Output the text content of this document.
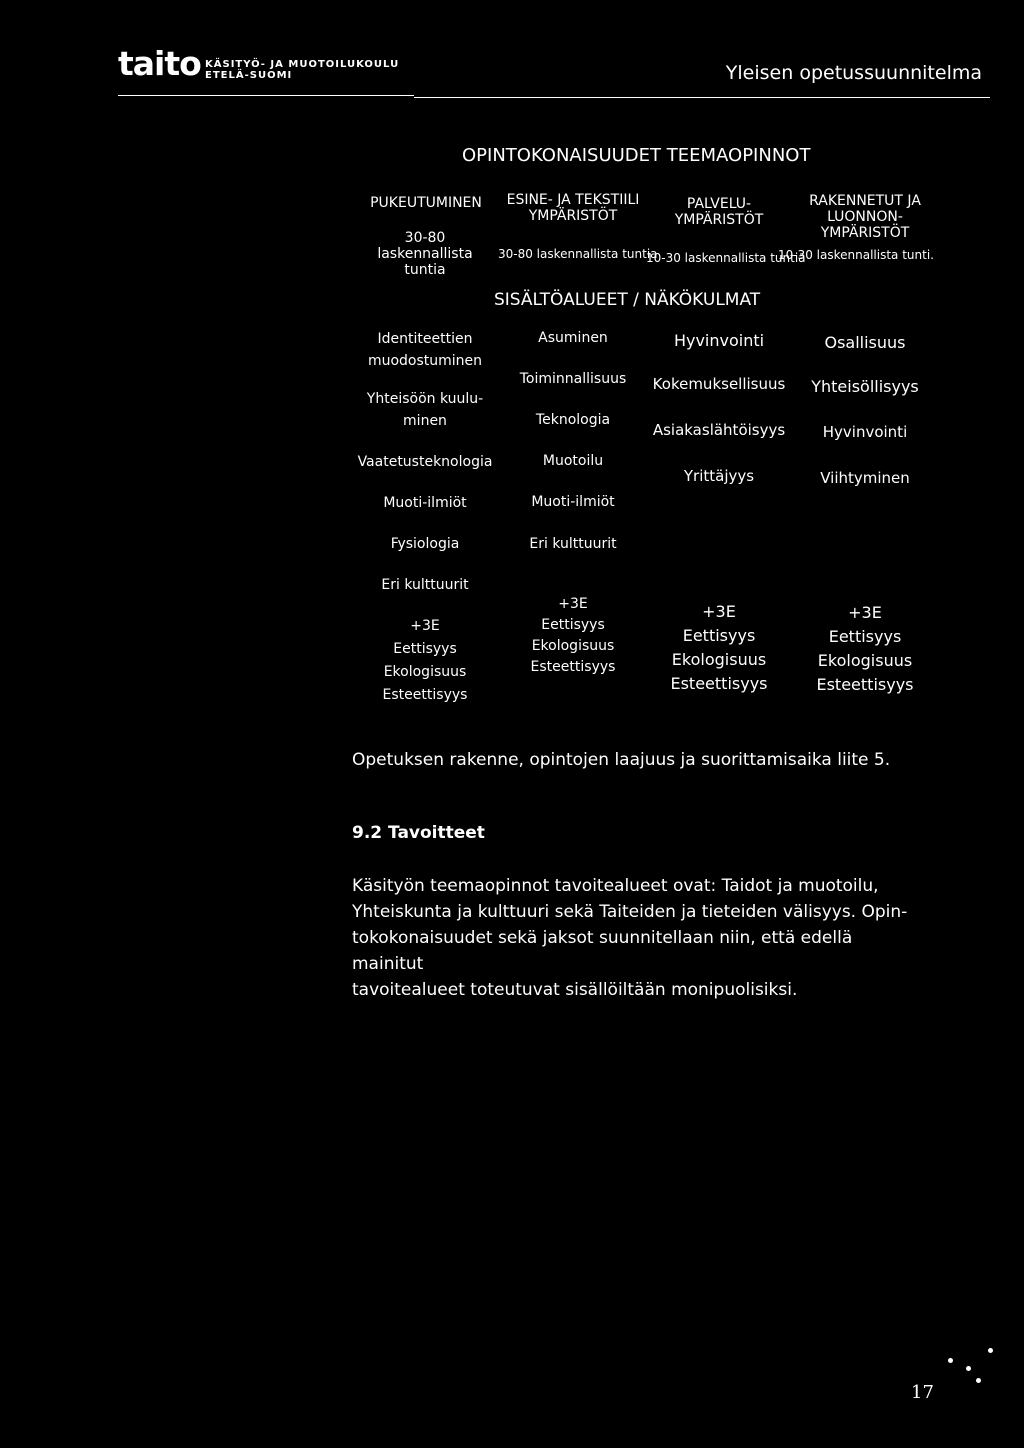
taito KÄSITYÖ- JA MUOTOILUKOULU
ETELÄ-SUOMI	Yleisen opetussuunnitelma
OPINTOKONAISUUDET TEEMAOPINNOT
PUKEUTUMINEN
30-80 laskennallista tuntia
ESINE- JA TEKSTIILI
YMPÄRISTÖT
PALVELU-
YMPÄRISTÖT
RAKENNETUT JA
LUONNON-
YMPÄRISTÖT
30-80 laskennallista tuntia
10-30 laskennallista tuntia
10-30 laskennallista tunti.
SISÄLTÖALUEET / NÄKÖKULMAT
Identiteettien
muodostuminen
Yhteisöön kuulu-
minen
Vaatetusteknologia
Muoti-ilmiöt
Fysiologia
Eri kulttuurit
+3E
Eettisyys
Ekologisuus
Esteettisyys
Asuminen
Toiminnallisuus
Teknologia
Muotoilu
Muoti-ilmiöt
Eri kulttuurit
+3E
Eettisyys
Ekologisuus
Esteettisyys
Hyvinvointi
Kokemuksellisuus
Asiakaslähtöisyys
Yrittäjyys
+3E
Eettisyys
Ekologisuus
Esteettisyys
Osallisuus
Yhteisöllisyys
Hyvinvointi
Viihtyminen
+3E
Eettisyys
Ekologisuus
Esteettisyys
Opetuksen rakenne, opintojen laajuus ja suorittamisaika liite 5.
9.2 Tavoitteet
Käsityön teemaopinnot tavoitealueet ovat: Taidot ja muotoilu,
Yhteiskunta ja kulttuuri sekä Taiteiden ja tieteiden välisyys. Opin-
tokokonaisuudet sekä jaksot suunnitellaan niin, että edellä mainitut
tavoitealueet toteutuvat sisällöiltään monipuolisiksi.
17
